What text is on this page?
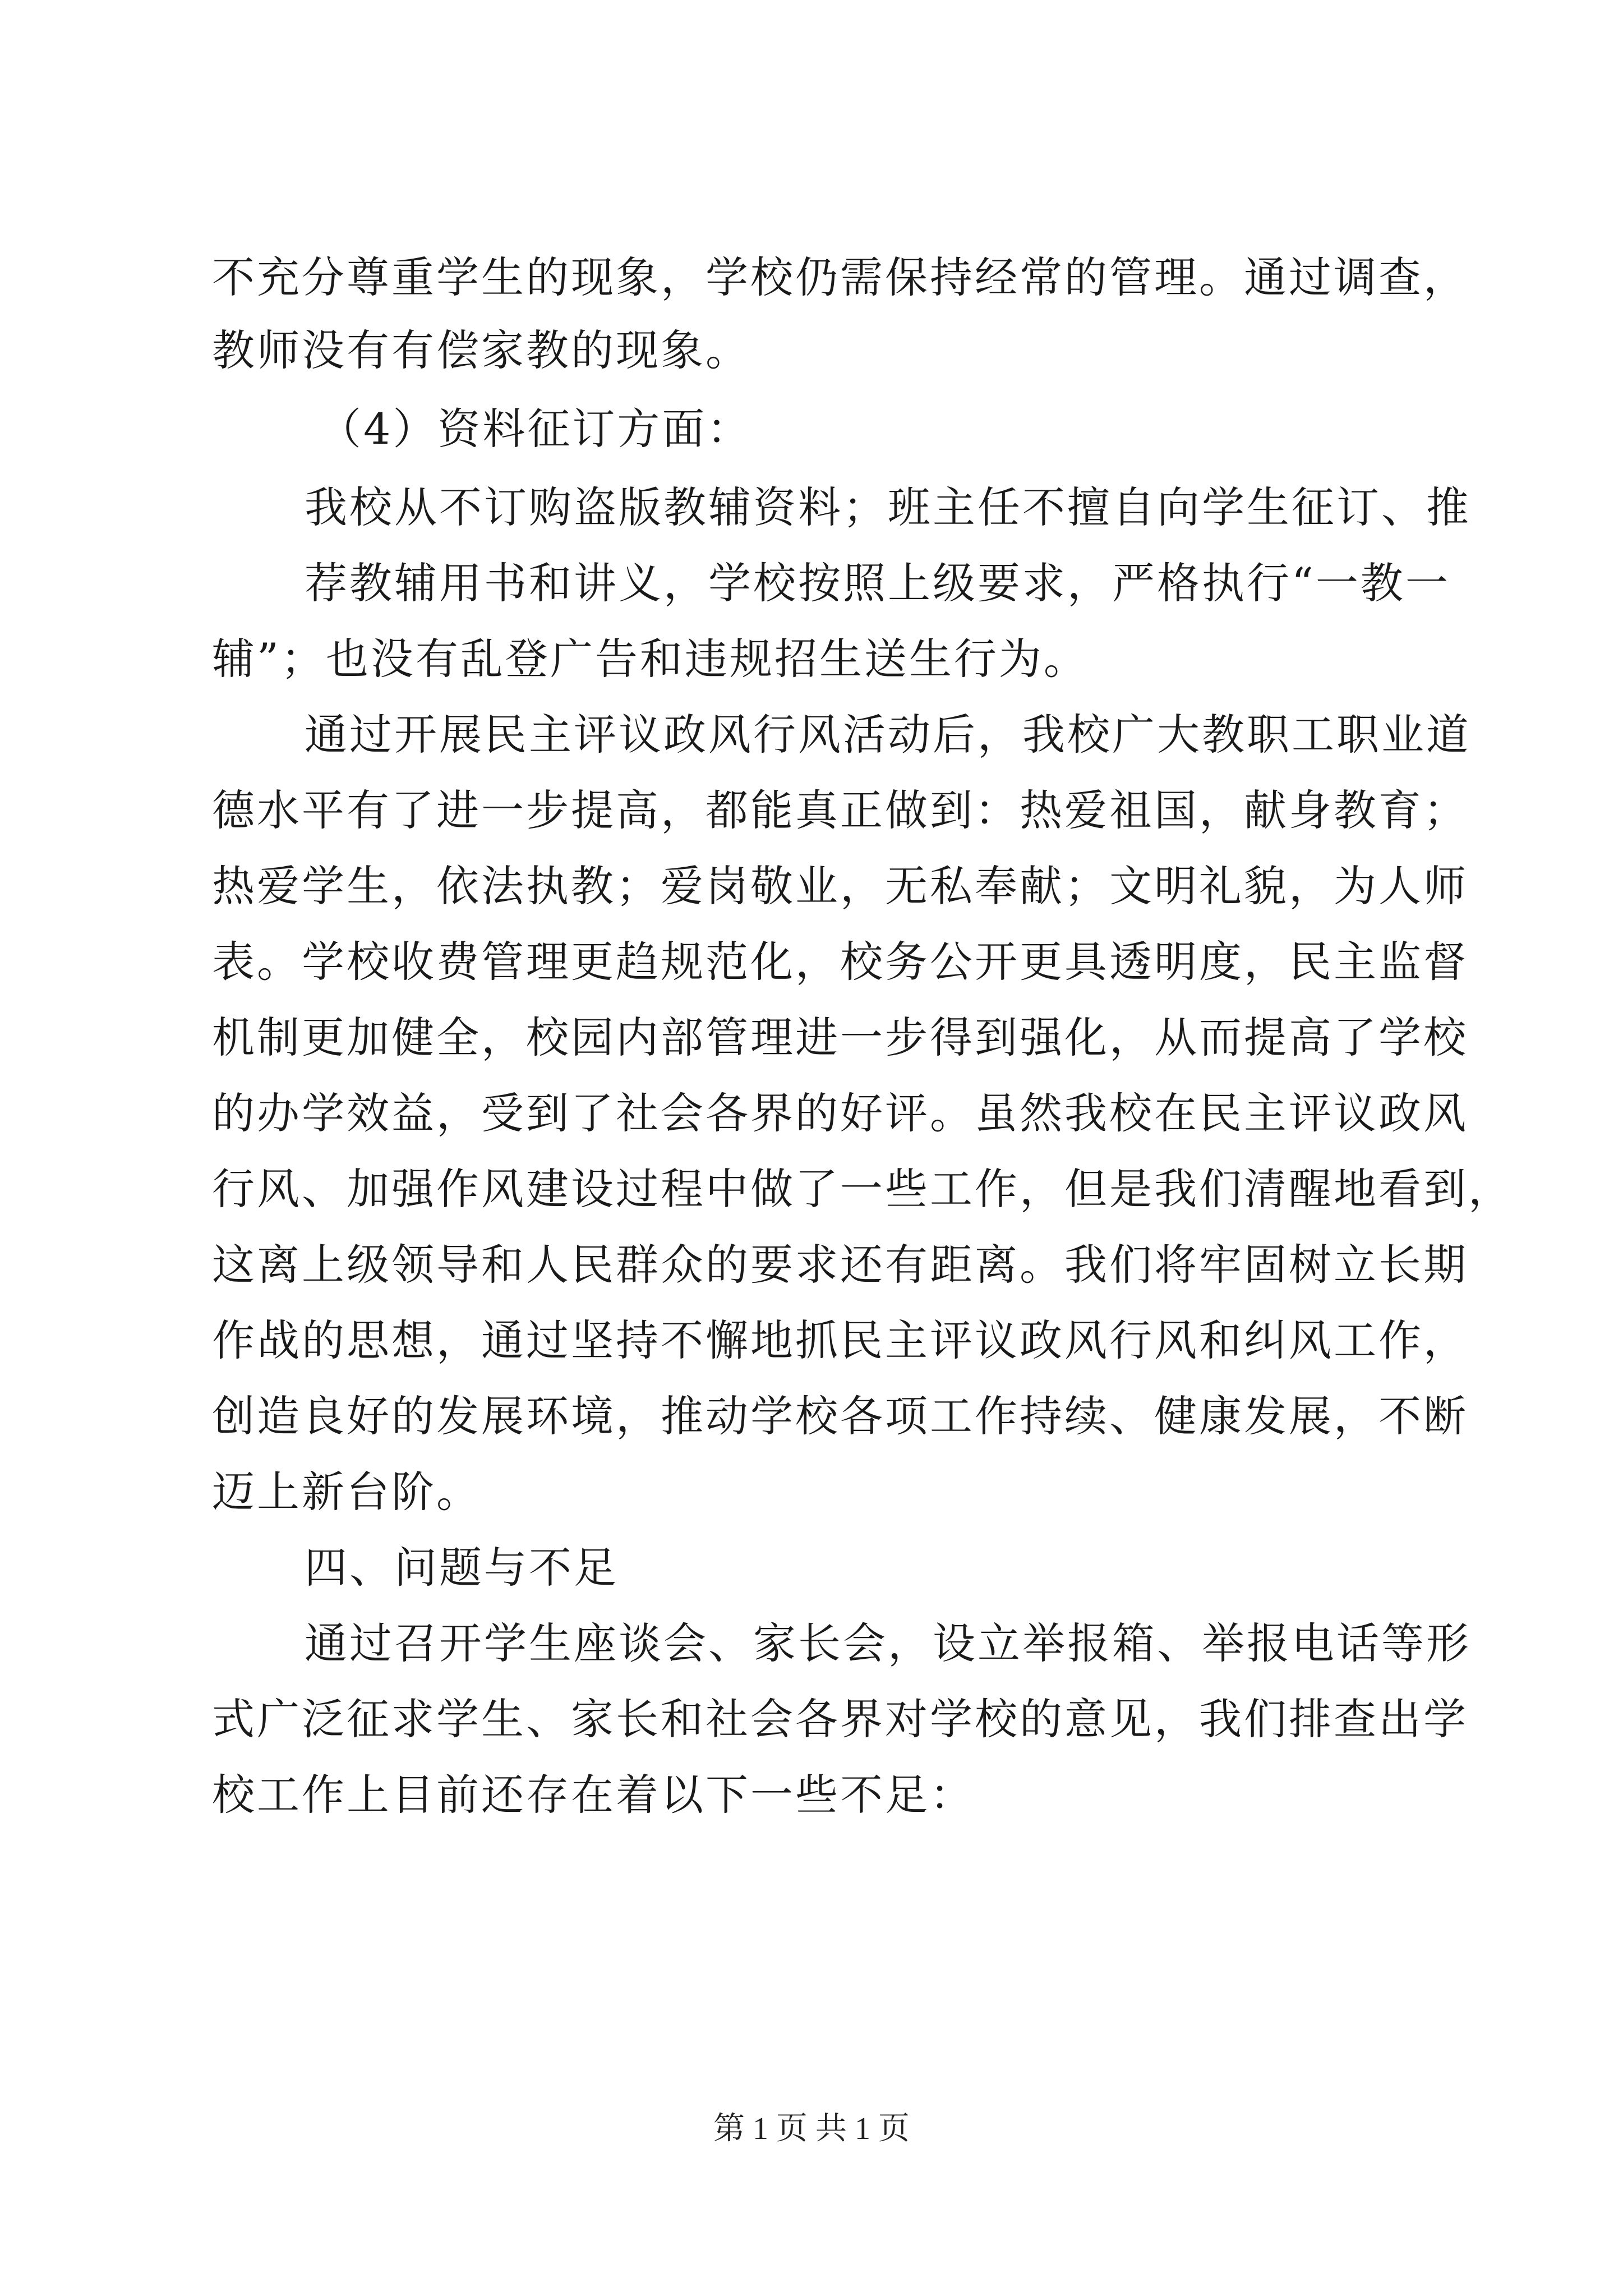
不充分尊重学生的现象，学校仍需保持经常的管理。通过调查，
教师没有有偿家教的现象。
（4）资料征订方面：
我校从不订购盗版教辅资料；班主任不擅自向学生征订、推
荐教辅用书和讲义，学校按照上级要求，严格执行“一教一
辅”；也没有乱登广告和违规招生送生行为。
通过开展民主评议政风行风活动后，我校广大教职工职业道
德水平有了进一步提高，都能真正做到：热爱祖国，献身教育；
热爱学生，依法执教；爱岗敬业，无私奉献；文明礼貌，为人师
表。学校收费管理更趋规范化，校务公开更具透明度，民主监督
机制更加健全，校园内部管理进一步得到强化，从而提高了学校
的办学效益，受到了社会各界的好评。虽然我校在民主评议政风
行风、加强作风建设过程中做了一些工作，但是我们清醒地看到，
这离上级领导和人民群众的要求还有距离。我们将牢固树立长期
作战的思想，通过坚持不懈地抓民主评议政风行风和纠风工作，
创造良好的发展环境，推动学校各项工作持续、健康发展，不断
迈上新台阶。
四、问题与不足
通过召开学生座谈会、家长会，设立举报箱、举报电话等形
式广泛征求学生、家长和社会各界对学校的意见，我们排查出学
校工作上目前还存在着以下一些不足：
第 1 页 共 1 页
